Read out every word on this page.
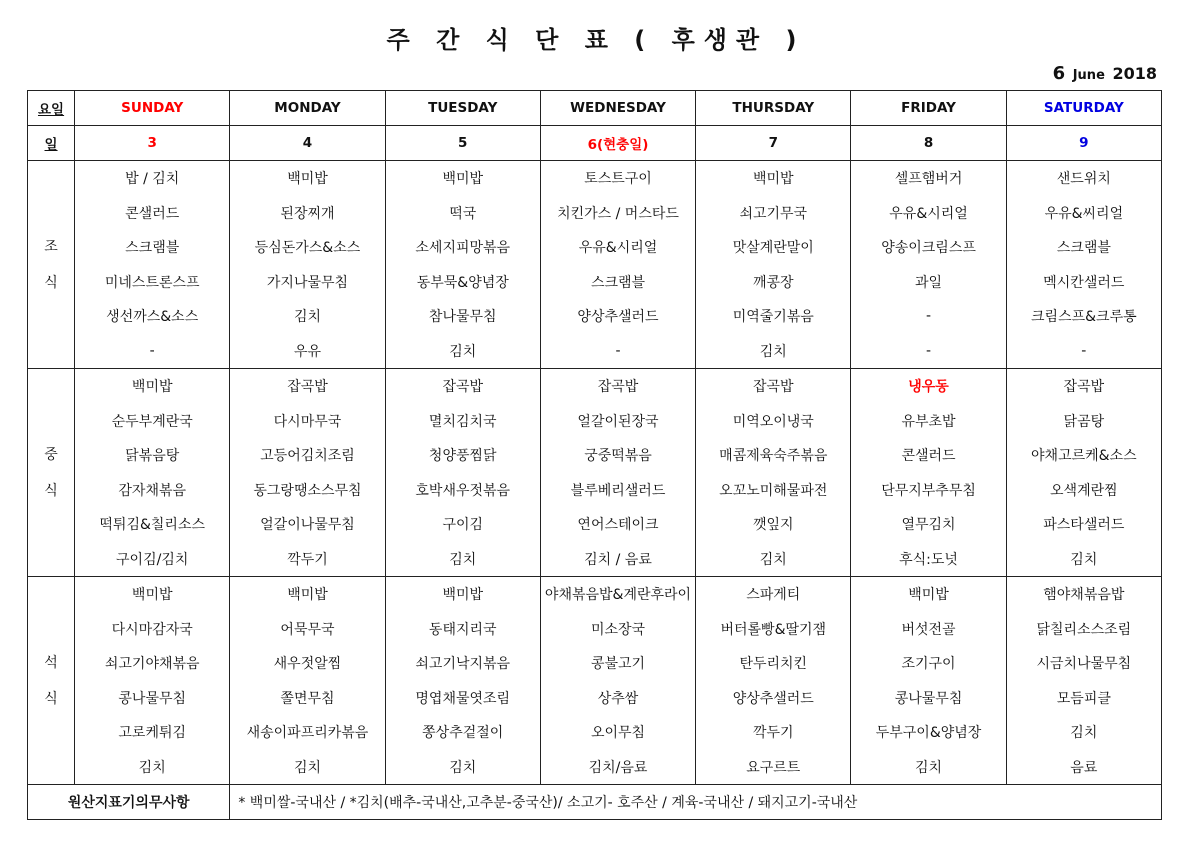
주 간 식 단 표 ( 후생관 )
6 June 2018
요일	SUNDAY	MONDAY	TUESDAY	WEDNESDAY	THURSDAY	FRIDAY	SATURDAY
일	3	4	5	6(현충일)	7	8	9

조
식	밥 / 김치	백미밥	백미밥	토스트구이	백미밥	셀프햄버거	샌드위치
	콘샐러드	된장찌개	떡국	치킨가스 / 머스타드	쇠고기무국	우유&시리얼	우유&씨리얼
	스크램블	등심돈가스&소스	소세지피망볶음	우유&시리얼	맛살계란말이	양송이크림스프	스크램블
	미네스트론스프	가지나물무침	동부묵&양념장	스크램블	깨콩장	과일	멕시칸샐러드
	생선까스&소스	김치	참나물무침	양상추샐러드	미역줄기볶음	-	크림스프&크루통
	-	우유	김치	-	김치	-	-

중
식	백미밥	잡곡밥	잡곡밥	잡곡밥	잡곡밥	냉우동	잡곡밥
	순두부계란국	다시마무국	멸치김치국	얼갈이된장국	미역오이냉국	유부초밥	닭곰탕
	닭볶음탕	고등어김치조림	청양풍찜닭	궁중떡볶음	매콤제육숙주볶음	콘샐러드	야채고르케&소스
	감자채볶음	동그랑땡소스무침	호박새우젓볶음	블루베리샐러드	오꼬노미해물파전	단무지부추무침	오색계란찜
	떡튀김&칠리소스	얼갈이나물무침	구이김	연어스테이크	깻잎지	열무김치	파스타샐러드
	구이김/김치	깍두기	김치	김치 / 음료	김치	후식:도넛	김치

석
식	백미밥	백미밥	백미밥	야채볶음밥&계란후라이	스파게티	백미밥	햄야채볶음밥
	다시마감자국	어묵무국	동태지리국	미소장국	버터롤빵&딸기잼	버섯전골	닭칠리소스조림
	쇠고기야채볶음	새우젓알찜	쇠고기낙지볶음	콩불고기	탄두리치킨	조기구이	시금치나물무침
	콩나물무침	쫄면무침	명엽채물엿조림	상추쌈	양상추샐러드	콩나물무침	모듬피클
	고로케튀김	새송이파프리카볶음	쫑상추겉절이	오이무침	깍두기	두부구이&양념장	김치
	김치	김치	김치	김치/음료	요구르트	김치	음료
원산지표기의무사항		* 백미쌀-국내산 / *김치(배추-국내산,고추분-중국산)/ 소고기- 호주산 / 계육-국내산 / 돼지고기-국내산					
